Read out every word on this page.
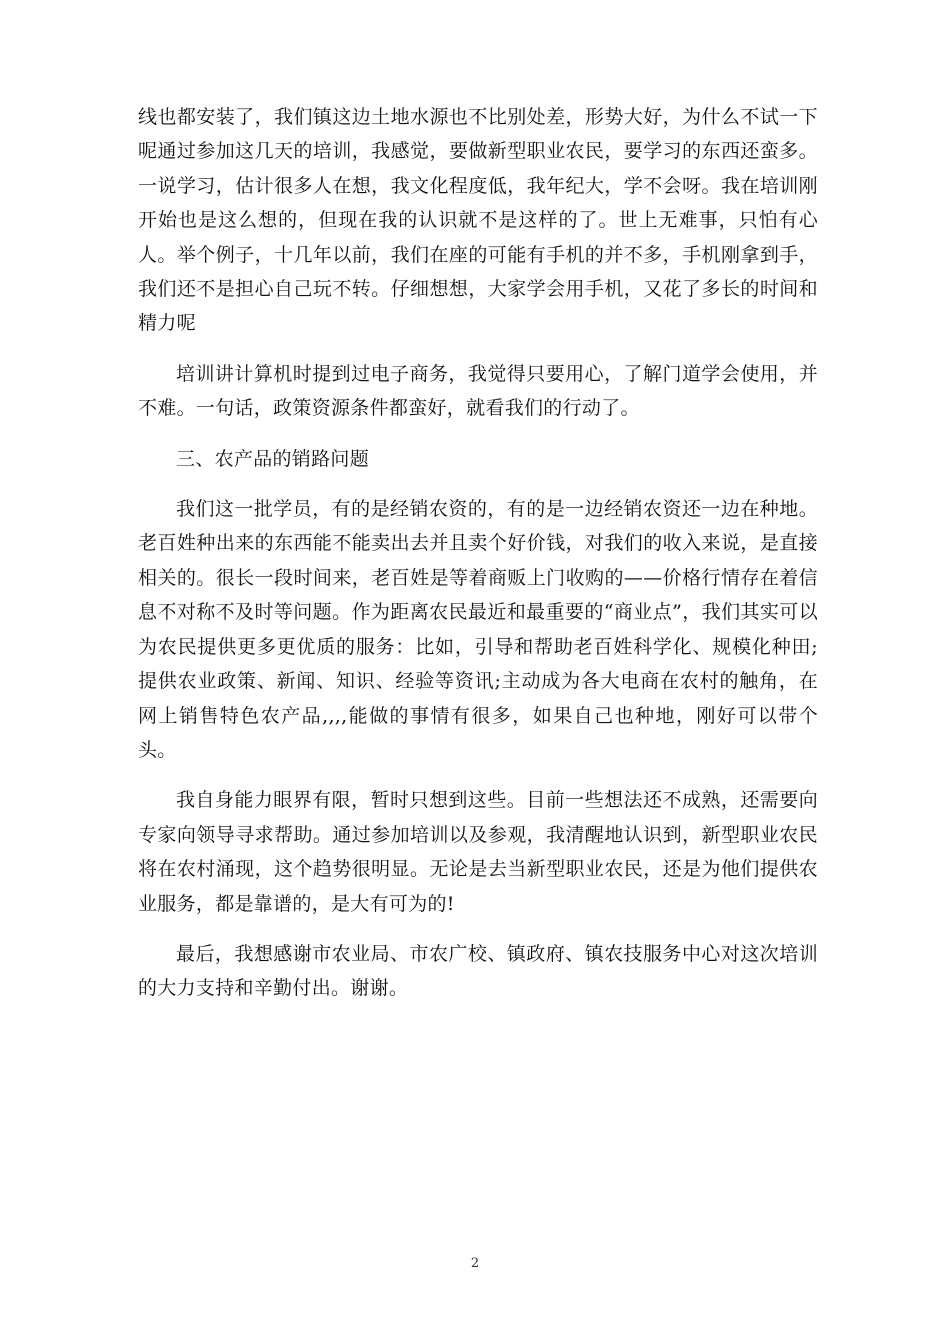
线也都安装了，我们镇这边土地水源也不比别处差，形势大好，为什么不试一下呢通过参加这几天的培训，我感觉，要做新型职业农民，要学习的东西还蛮多。一说学习，估计很多人在想，我文化程度低，我年纪大，学不会呀。我在培训刚开始也是这么想的，但现在我的认识就不是这样的了。世上无难事，只怕有心人。举个例子，十几年以前，我们在座的可能有手机的并不多，手机刚拿到手，我们还不是担心自己玩不转。仔细想想，大家学会用手机，又花了多长的时间和精力呢

培训讲计算机时提到过电子商务，我觉得只要用心，了解门道学会使用，并不难。一句话，政策资源条件都蛮好，就看我们的行动了。

三、农产品的销路问题

我们这一批学员，有的是经销农资的，有的是一边经销农资还一边在种地。老百姓种出来的东西能不能卖出去并且卖个好价钱，对我们的收入来说，是直接相关的。很长一段时间来，老百姓是等着商贩上门收购的——价格行情存在着信息不对称不及时等问题。作为距离农民最近和最重要的“商业点”，我们其实可以为农民提供更多更优质的服务：比如，引导和帮助老百姓科学化、规模化种田;提供农业政策、新闻、知识、经验等资讯;主动成为各大电商在农村的触角，在网上销售特色农产品,,,,能做的事情有很多，如果自己也种地，刚好可以带个头。

我自身能力眼界有限，暂时只想到这些。目前一些想法还不成熟，还需要向专家向领导寻求帮助。通过参加培训以及参观，我清醒地认识到，新型职业农民将在农村涌现，这个趋势很明显。无论是去当新型职业农民，还是为他们提供农业服务，都是靠谱的，是大有可为的!

最后，我想感谢市农业局、市农广校、镇政府、镇农技服务中心对这次培训的大力支持和辛勤付出。谢谢。

2
